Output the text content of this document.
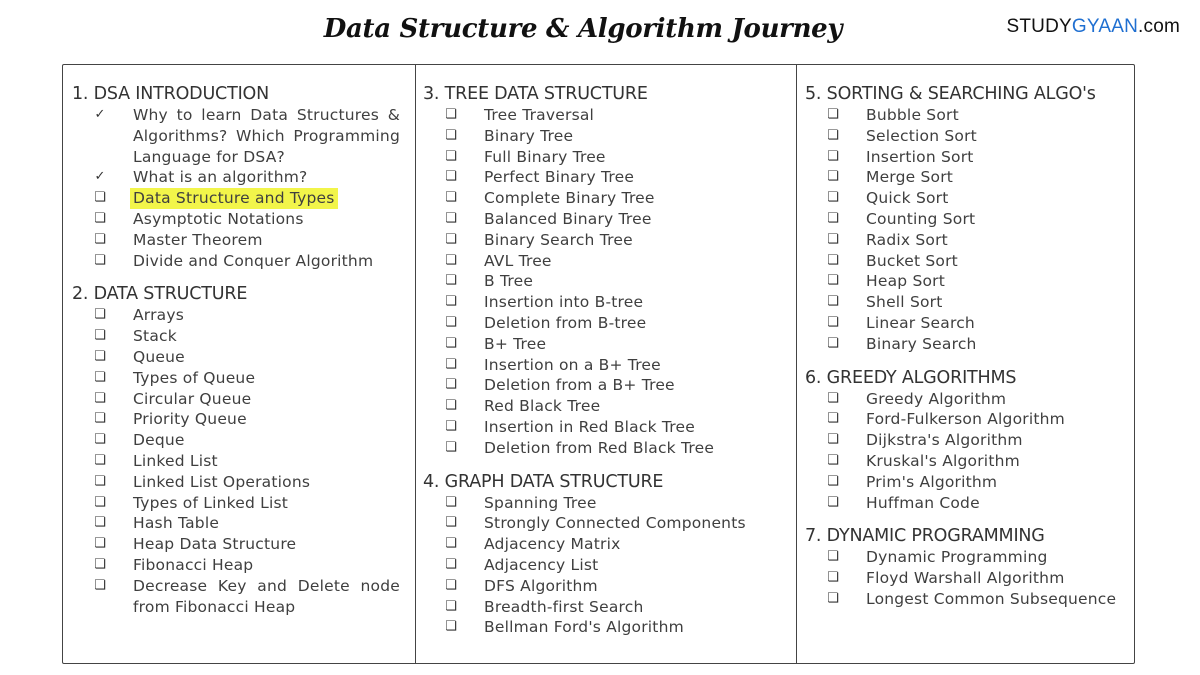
Data Structure & Algorithm Journey	STUDYGYAAN.com
1. DSA INTRODUCTION
✓ Why to learn Data Structures & Algorithms? Which Programming Language for DSA?
✓ What is an algorithm?
❏ Data Structure and Types
❏ Asymptotic Notations
❏ Master Theorem
❏ Divide and Conquer Algorithm
2. DATA STRUCTURE
❏ Arrays
❏ Stack
❏ Queue
❏ Types of Queue
❏ Circular Queue
❏ Priority Queue
❏ Deque
❏ Linked List
❏ Linked List Operations
❏ Types of Linked List
❏ Hash Table
❏ Heap Data Structure
❏ Fibonacci Heap
❏ Decrease Key and Delete node from Fibonacci Heap
3. TREE DATA STRUCTURE
❏ Tree Traversal
❏ Binary Tree
❏ Full Binary Tree
❏ Perfect Binary Tree
❏ Complete Binary Tree
❏ Balanced Binary Tree
❏ Binary Search Tree
❏ AVL Tree
❏ B Tree
❏ Insertion into B-tree
❏ Deletion from B-tree
❏ B+ Tree
❏ Insertion on a B+ Tree
❏ Deletion from a B+ Tree
❏ Red Black Tree
❏ Insertion in Red Black Tree
❏ Deletion from Red Black Tree
4. GRAPH DATA STRUCTURE
❏ Spanning Tree
❏ Strongly Connected Components
❏ Adjacency Matrix
❏ Adjacency List
❏ DFS Algorithm
❏ Breadth-first Search
❏ Bellman Ford's Algorithm
5. SORTING & SEARCHING ALGO's
❏ Bubble Sort
❏ Selection Sort
❏ Insertion Sort
❏ Merge Sort
❏ Quick Sort
❏ Counting Sort
❏ Radix Sort
❏ Bucket Sort
❏ Heap Sort
❏ Shell Sort
❏ Linear Search
❏ Binary Search
6. GREEDY ALGORITHMS
❏ Greedy Algorithm
❏ Ford-Fulkerson Algorithm
❏ Dijkstra's Algorithm
❏ Kruskal's Algorithm
❏ Prim's Algorithm
❏ Huffman Code
7. DYNAMIC PROGRAMMING
❏ Dynamic Programming
❏ Floyd Warshall Algorithm
❏ Longest Common Subsequence
